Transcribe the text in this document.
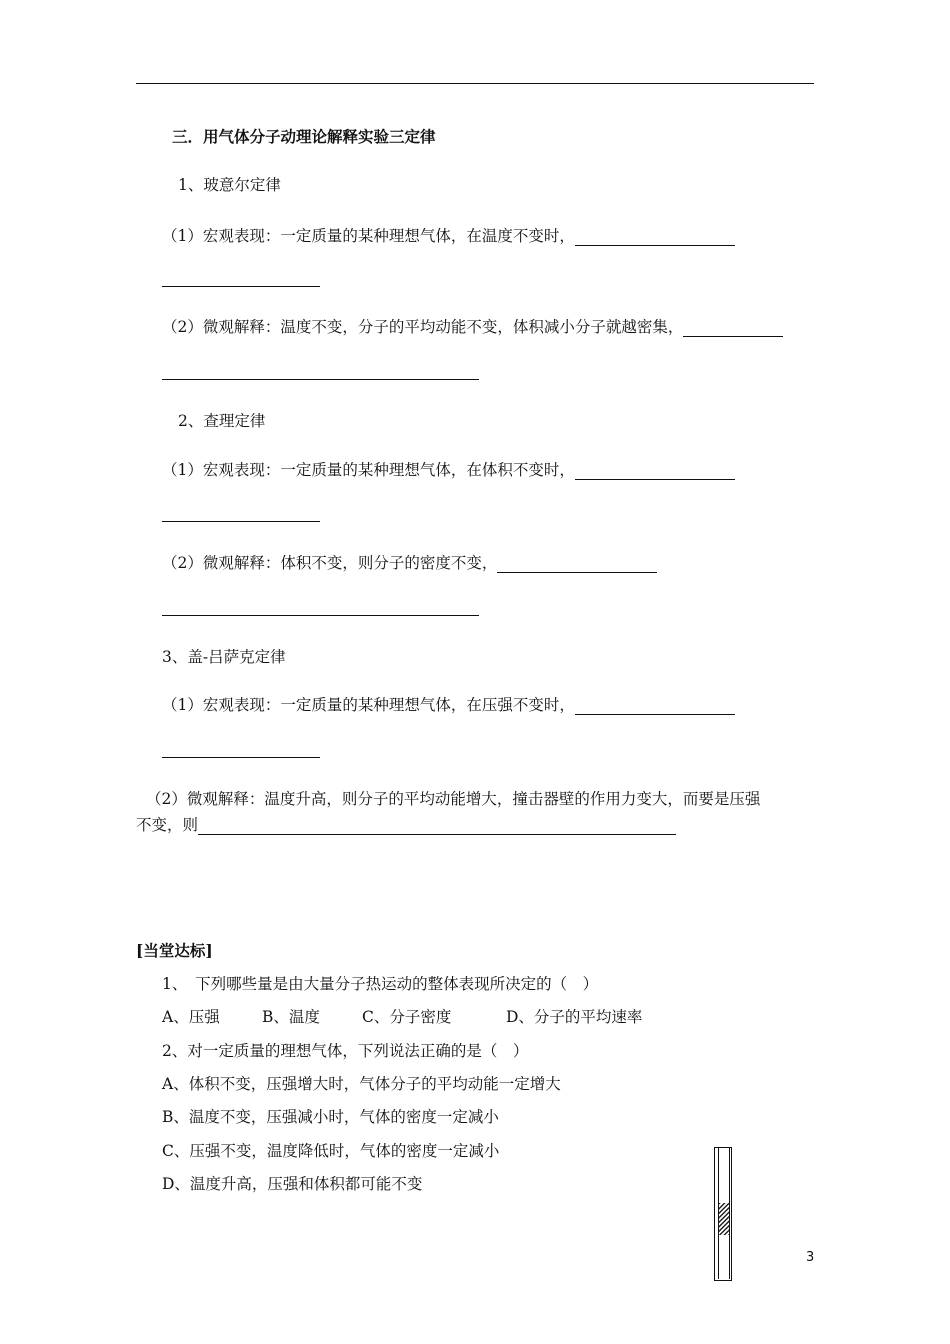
三．用气体分子动理论解释实验三定律
1、玻意尔定律
（1）宏观表现：一定质量的某种理想气体，在温度不变时，
（2）微观解释：温度不变，分子的平均动能不变，体积减小分子就越密集，
2、查理定律
（1）宏观表现：一定质量的某种理想气体，在体积不变时，
（2）微观解释：体积不变，则分子的密度不变，
3、盖-吕萨克定律
（1）宏观表现：一定质量的某种理想气体，在压强不变时，
（2）微观解释：温度升高，则分子的平均动能增大，撞击器壁的作用力变大，而要是压强
不变，则
[当堂达标]
1、　下列哪些量是由大量分子热运动的整体表现所决定的（　）
A、压强	B、温度	C、分子密度	D、分子的平均速率
2、对一定质量的理想气体，下列说法正确的是（　）
A、体积不变，压强增大时，气体分子的平均动能一定增大
B、温度不变，压强减小时，气体的密度一定减小
C、压强不变，温度降低时，气体的密度一定减小
D、温度升高，压强和体积都可能不变
3
